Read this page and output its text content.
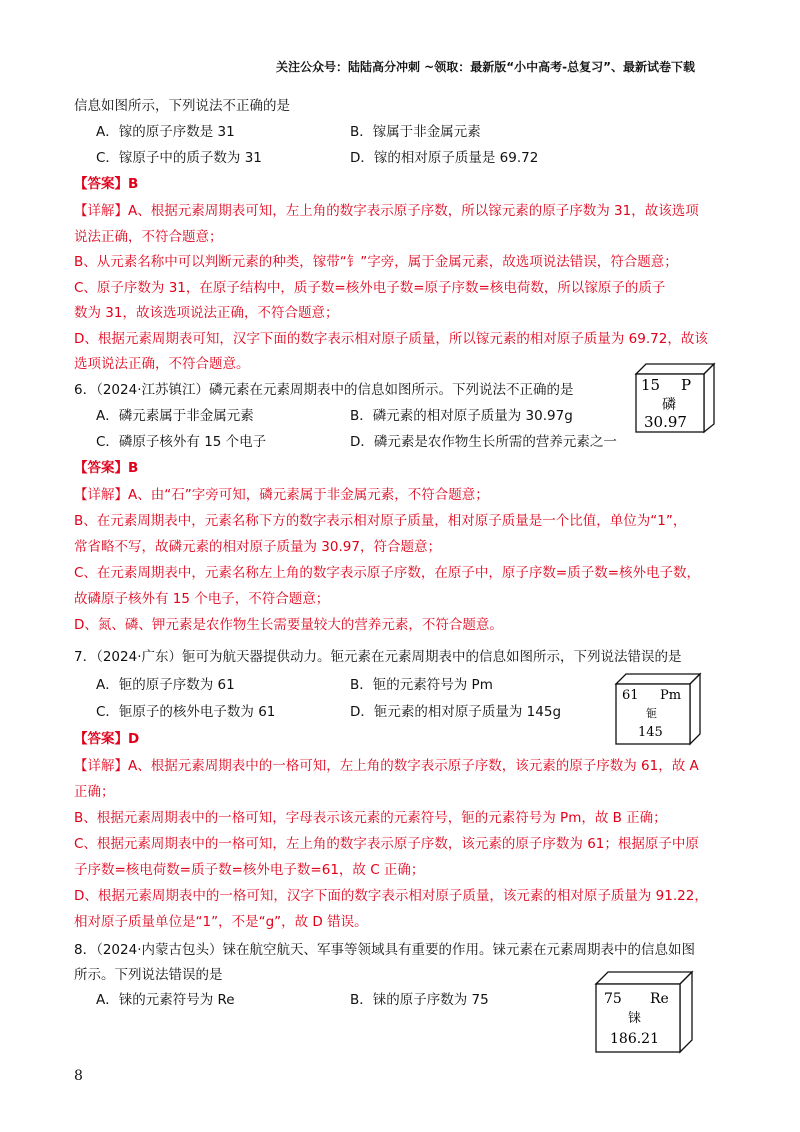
关注公众号：陆陆高分冲刺 ~领取：最新版“小中高考-总复习”、最新试卷下载
信息如图所示，下列说法不正确的是
A．镓的原子序数是 31	B．镓属于非金属元素
C．镓原子中的质子数为 31	D．镓的相对原子质量是 69.72
【答案】B
【详解】A、根据元素周期表可知，左上角的数字表示原子序数，所以镓元素的原子序数为 31，故该选项
说法正确，不符合题意；
B、从元素名称中可以判断元素的种类，镓带“钅”字旁，属于金属元素，故选项说法错误，符合题意；
C、原子序数为 31，在原子结构中，质子数=核外电子数=原子序数=核电荷数，所以镓原子的质子
数为 31，故该选项说法正确，不符合题意；
D、根据元素周期表可知，汉字下面的数字表示相对原子质量，所以镓元素的相对原子质量为 69.72，故该
选项说法正确，不符合题意。
6．（2024·江苏镇江）磷元素在元素周期表中的信息如图所示。下列说法不正确的是
A．磷元素属于非金属元素	B．磷元素的相对原子质量为 30.97g
C．磷原子核外有 15 个电子	D．磷元素是农作物生长所需的营养元素之一
15 P
磷
30.97
【答案】B
【详解】A、由“石”字旁可知，磷元素属于非金属元素，不符合题意；
B、在元素周期表中，元素名称下方的数字表示相对原子质量，相对原子质量是一个比值，单位为“1”，
常省略不写，故磷元素的相对原子质量为 30.97，符合题意；
C、在元素周期表中，元素名称左上角的数字表示原子序数，在原子中，原子序数=质子数=核外电子数，
故磷原子核外有 15 个电子，不符合题意；
D、氮、磷、钾元素是农作物生长需要量较大的营养元素，不符合题意。
7．（2024·广东）钷可为航天器提供动力。钷元素在元素周期表中的信息如图所示，下列说法错误的是
A．钷的原子序数为 61	B．钷的元素符号为 Pm
C．钷原子的核外电子数为 61	D．钷元素的相对原子质量为 145g
61 Pm
钷
145
【答案】D
【详解】A、根据元素周期表中的一格可知，左上角的数字表示原子序数，该元素的原子序数为 61，故 A
正确；
B、根据元素周期表中的一格可知，字母表示该元素的元素符号，钷的元素符号为 Pm，故 B 正确；
C、根据元素周期表中的一格可知，左上角的数字表示原子序数，该元素的原子序数为 61；根据原子中原
子序数=核电荷数=质子数=核外电子数=61，故 C 正确；
D、根据元素周期表中的一格可知，汉字下面的数字表示相对原子质量，该元素的相对原子质量为 91.22，
相对原子质量单位是“1”，不是“g”，故 D 错误。
8．（2024·内蒙古包头）铼在航空航天、军事等领域具有重要的作用。铼元素在元素周期表中的信息如图
所示。下列说法错误的是
A．铼的元素符号为 Re	B．铼的原子序数为 75	75 Re
铼
186.21
8
